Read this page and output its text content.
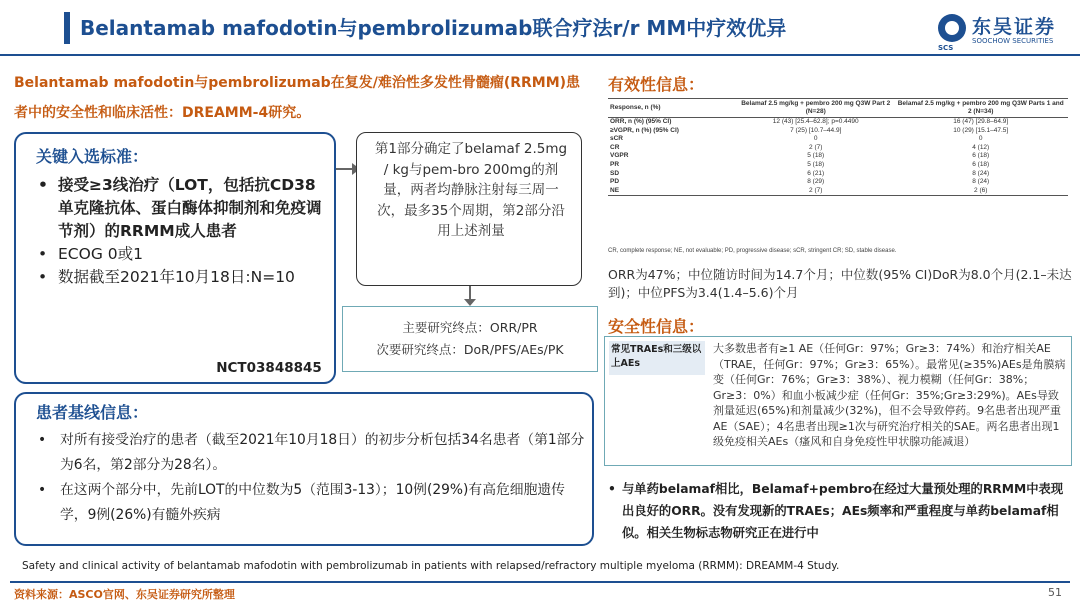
Belantamab mafodotin与pembrolizumab联合疗法r/r MM中疗效优异	东吴证券
SOOCHOW SECURITIES
SCS
Belantamab mafodotin与pembrolizumab在复发/难治性多发性骨髓瘤(RRMM)患者中的安全性和临床活性：DREAMM-4研究。
关键入选标准：
• 接受≥3线治疗（LOT，包括抗CD38单克隆抗体、蛋白酶体抑制剂和免疫调节剂）的RRMM成人患者
• ECOG 0或1
• 数据截至2021年10月18日:N=10
NCT03848845

第1部分确定了belamaf 2.5mg / kg与pem-bro 200mg的剂量，两者均静脉注射每三周一次，最多35个周期，第2部分沿用上述剂量

主要研究终点：ORR/PR

次要研究终点：DoR/PFS/AEs/PK

患者基线信息：
• 对所有接受治疗的患者（截至2021年10月18日）的初步分析包括34名患者（第1部分为6名，第2部分为28名）。
• 在这两个部分中，先前LOT的中位数为5（范围3-13）；10例(29%)有高危细胞遗传学，9例(26%)有髓外疾病
有效性信息：
Response, n (%)	Belamaf 2.5 mg/kg + pembro 200 mg Q3W Part 2 (N=28)	Belamaf 2.5 mg/kg + pembro 200 mg Q3W Parts 1 and 2 (N=34)
ORR, n (%) (95% CI)	12 (43) [25.4–62.8]; p=0.4490	16 (47) [29.8–64.9]
≥VGPR, n (%) (95% CI)	7 (25) [10.7–44.9]	10 (29) [15.1–47.5]
sCR	0	0
CR	2 (7)	4 (12)
VGPR	5 (18)	6 (18)
PR	5 (18)	6 (18)
SD	6 (21)	8 (24)
PD	8 (29)	8 (24)
NE	2 (7)	2 (6)
CR, complete response; NE, not evaluable; PD, progressive disease; sCR, stringent CR; SD, stable disease.
ORR为47%；中位随访时间为14.7个月；中位数(95% CI)DoR为8.0个月(2.1–未达到)；中位PFS为3.4(1.4–5.6)个月
安全性信息：
常见TRAEs和三级以上AEs
大多数患者有≥1 AE（任何Gr：97%；Gr≥3：74%）和治疗相关AE（TRAE，任何Gr：97%；Gr≥3：65%）。最常见(≥35%)AEs是角膜病变（任何Gr：76%；Gr≥3：38%）、视力模糊（任何Gr：38%；Gr≥3：0%）和血小板减少症（任何Gr：35%;Gr≥3:29%)。AEs导致剂量延迟(65%)和剂量减少(32%)，但不会导致停药。9名患者出现严重AE（SAE）；4名患者出现≥1次与研究治疗相关的SAE。两名患者出现1级免疫相关AEs（瘙风和自身免疫性甲状腺功能减退）
• 与单药belamaf相比，Belamaf+pembro在经过大量预处理的RRMM中表现出良好的ORR。没有发现新的TRAEs；AEs频率和严重程度与单药belamaf相似。相关生物标志物研究正在进行中
Safety and clinical activity of belantamab mafodotin with pembrolizumab in patients with relapsed/refractory multiple myeloma (RRMM): DREAMM-4 Study.
资料来源：ASCO官网、东吴证券研究所整理	51
